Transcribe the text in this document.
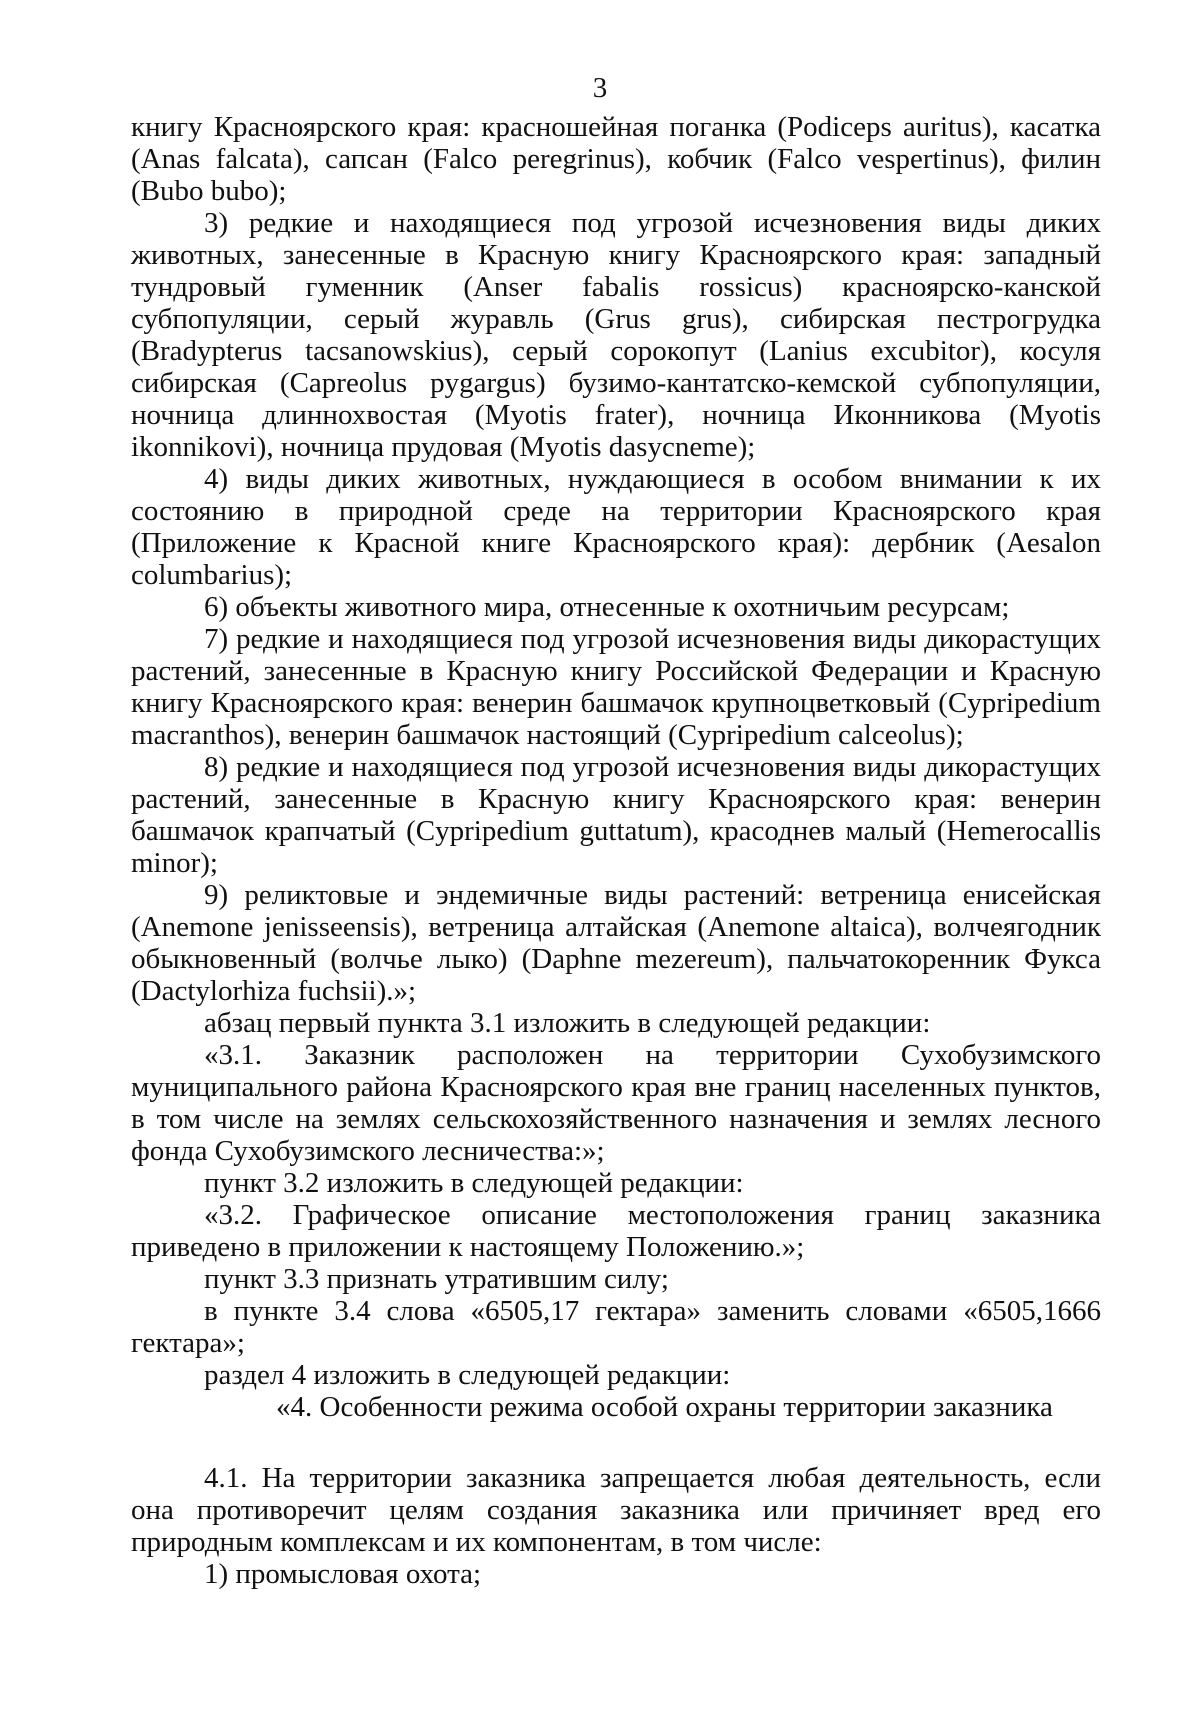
3

книгу Красноярского края: красношейная поганка (Podiceps auritus), касатка (Anas falcata), сапсан (Falco peregrinus), кобчик (Falco vespertinus), филин (Bubo bubo);

3) редкие и находящиеся под угрозой исчезновения виды диких животных, занесенные в Красную книгу Красноярского края: западный тундровый гуменник (Anser fabalis rossicus) красноярско-канской субпопуляции, серый журавль (Grus grus), сибирская пестрогрудка (Bradypterus tacsanowskius), серый сорокопут (Lanius excubitor), косуля сибирская (Capreolus pygargus) бузимо-кантатско-кемской субпопуляции, ночница длиннохвостая (Myotis frater), ночница Иконникова (Myotis ikonnikovi), ночница прудовая (Myotis dasycneme);

4) виды диких животных, нуждающиеся в особом внимании к их состоянию в природной среде на территории Красноярского края (Приложение к Красной книге Красноярского края): дербник (Aesalon columbarius);

6) объекты животного мира, отнесенные к охотничьим ресурсам;

7) редкие и находящиеся под угрозой исчезновения виды дикорастущих растений, занесенные в Красную книгу Российской Федерации и Красную книгу Красноярского края: венерин башмачок крупноцветковый (Cypripedium macranthos), венерин башмачок настоящий (Cypripedium calceolus);

8) редкие и находящиеся под угрозой исчезновения виды дикорастущих растений, занесенные в Красную книгу Красноярского края: венерин башмачок крапчатый (Cypripedium guttatum), красоднев малый (Hemerocallis minor);

9) реликтовые и эндемичные виды растений: ветреница енисейская (Anemone jenisseensis), ветреница алтайская (Anemone altaica), волчеягодник обыкновенный (волчье лыко) (Daphne mezereum), пальчатокоренник Фукса (Dactylorhiza fuchsii).»;

абзац первый пункта 3.1 изложить в следующей редакции:

«3.1. Заказник расположен на территории Сухобузимского муниципального района Красноярского края вне границ населенных пунктов, в том числе на землях сельскохозяйственного назначения и землях лесного фонда Сухобузимского лесничества:»;

пункт 3.2 изложить в следующей редакции:

«3.2. Графическое описание местоположения границ заказника приведено в приложении к настоящему Положению.»;

пункт 3.3 признать утратившим силу;

в пункте 3.4 слова «6505,17 гектара» заменить словами «6505,1666 гектара»;

раздел 4 изложить в следующей редакции:

«4. Особенности режима особой охраны территории заказника

4.1. На территории заказника запрещается любая деятельность, если она противоречит целям создания заказника или причиняет вред его природным комплексам и их компонентам, в том числе:

1) промысловая охота;
